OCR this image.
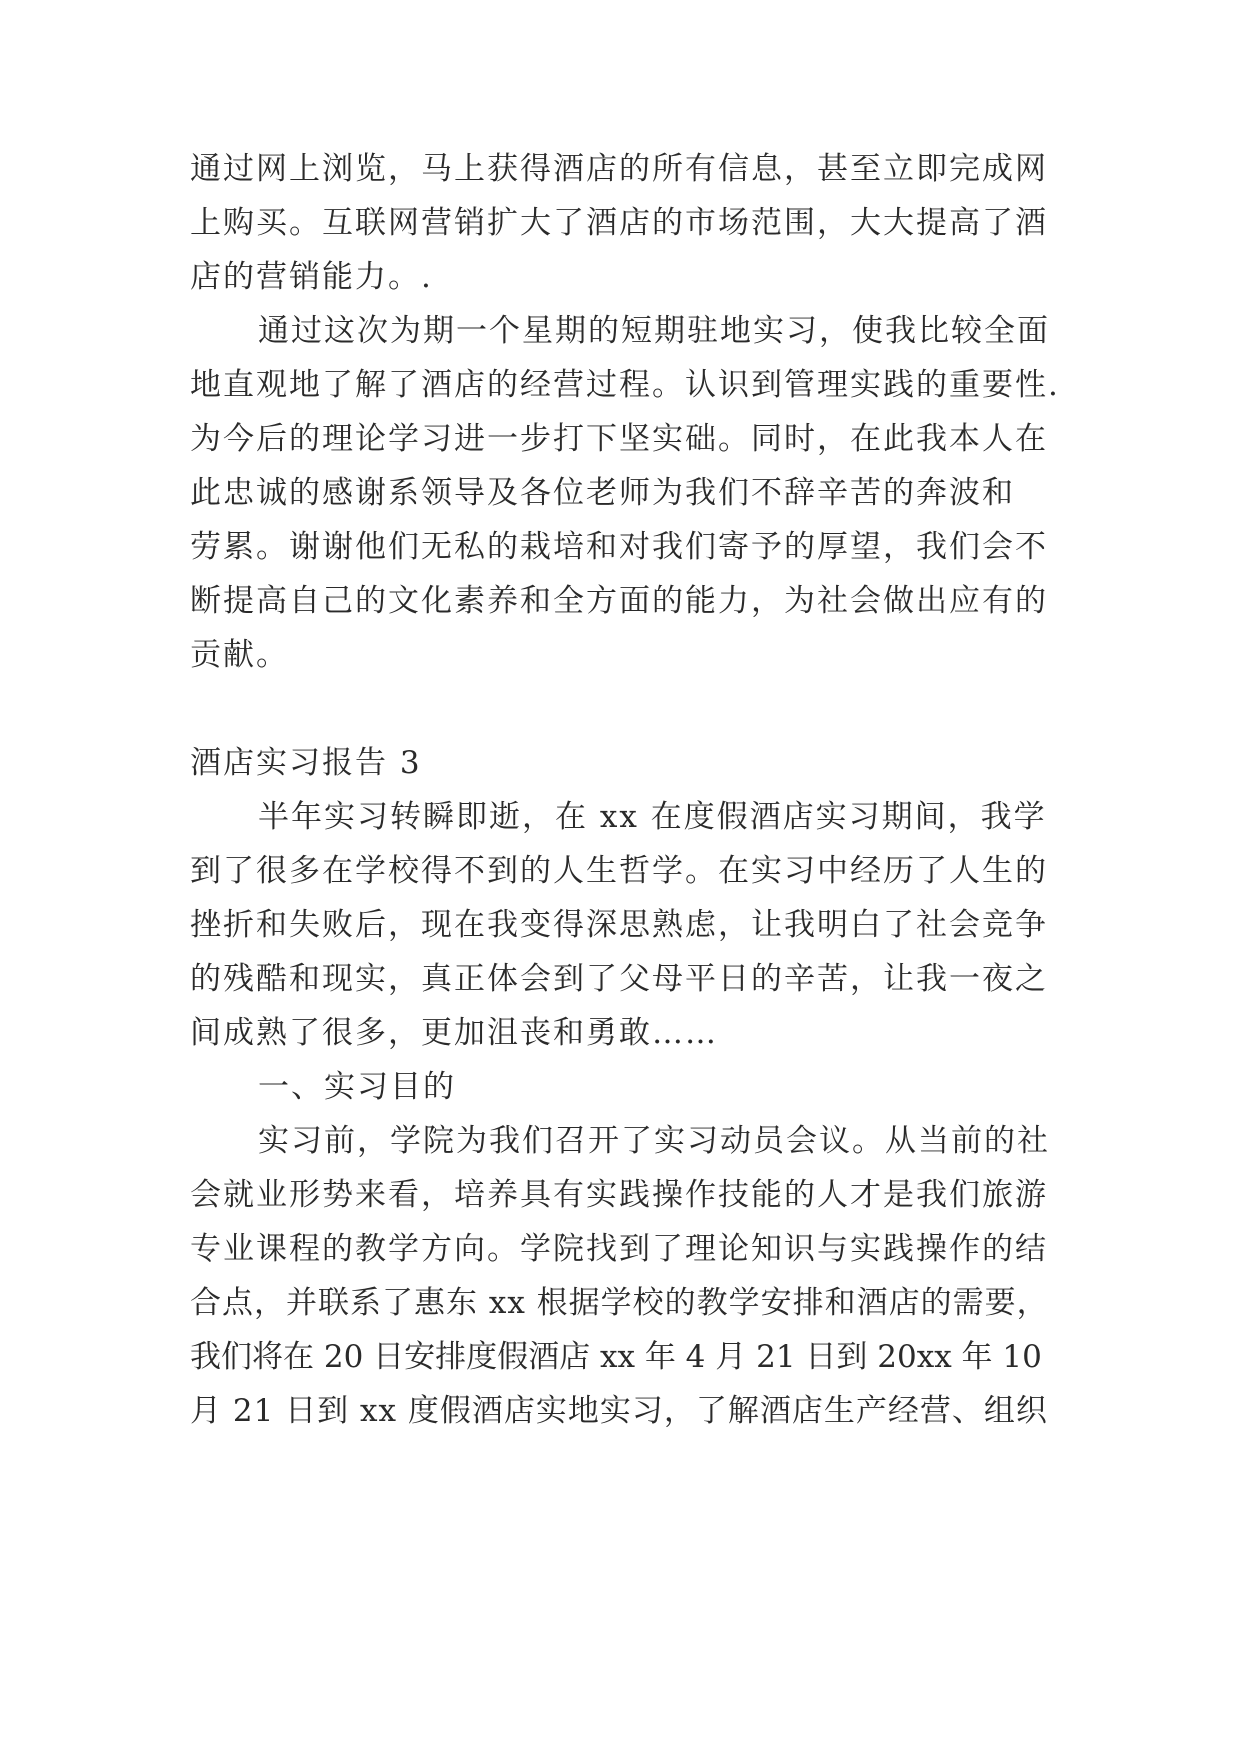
通过网上浏览，马上获得酒店的所有信息，甚至立即完成网
上购买。互联网营销扩大了酒店的市场范围，大大提高了酒
店的营销能力。.
通过这次为期一个星期的短期驻地实习，使我比较全面
地直观地了解了酒店的经营过程。认识到管理实践的重要性.
为今后的理论学习进一步打下坚实础。同时，在此我本人在
此忠诚的感谢系领导及各位老师为我们不辞辛苦的奔波和
劳累。谢谢他们无私的栽培和对我们寄予的厚望，我们会不
断提高自己的文化素养和全方面的能力，为社会做出应有的
贡献。
酒店实习报告 3
半年实习转瞬即逝，在 xx 在度假酒店实习期间，我学
到了很多在学校得不到的人生哲学。在实习中经历了人生的
挫折和失败后，现在我变得深思熟虑，让我明白了社会竞争
的残酷和现实，真正体会到了父母平日的辛苦，让我一夜之
间成熟了很多，更加沮丧和勇敢……
一、实习目的
实习前，学院为我们召开了实习动员会议。从当前的社
会就业形势来看，培养具有实践操作技能的人才是我们旅游
专业课程的教学方向。学院找到了理论知识与实践操作的结
合点，并联系了惠东 xx 根据学校的教学安排和酒店的需要，
我们将在 20 日安排度假酒店 xx 年 4 月 21 日到 20xx 年 10
月 21 日到 xx 度假酒店实地实习，了解酒店生产经营、组织
